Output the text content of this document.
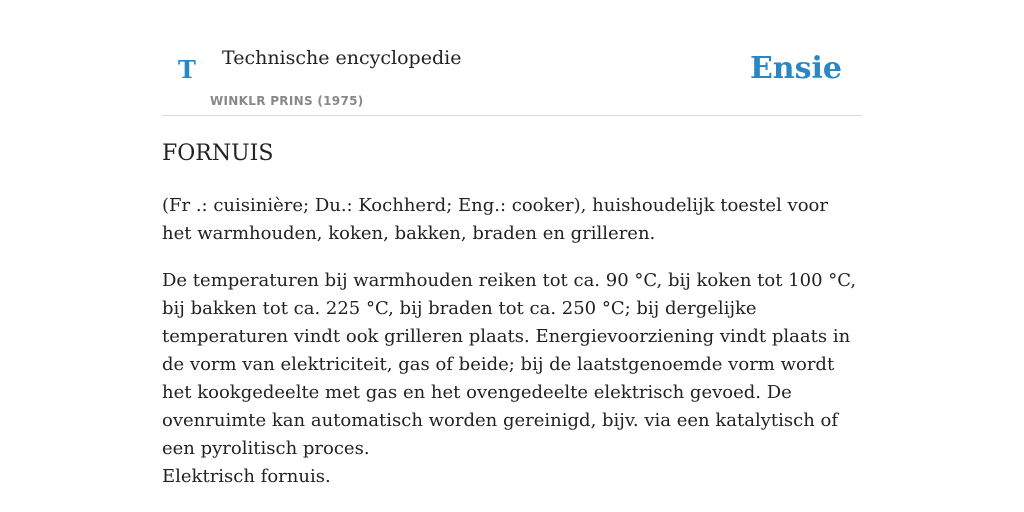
T Technische encyclopedie
WINKLR PRINS (1975)
Ensie
FORNUIS

(Fr .: cuisinière; Du.: Kochherd; Eng.: cooker), huishoudelijk toestel voor het warmhouden, koken, bakken, braden en grilleren.

De temperaturen bij warmhouden reiken tot ca. 90 °C, bij koken tot 100 °C, bij bakken tot ca. 225 °C, bij braden tot ca. 250 °C; bij dergelijke temperaturen vindt ook grilleren plaats. Energievoorziening vindt plaats in de vorm van elektriciteit, gas of beide; bij de laatstgenoemde vorm wordt het kookgedeelte met gas en het ovengedeelte elektrisch gevoed. De ovenruimte kan automatisch worden gereinigd, bijv. via een katalytisch of een pyrolitisch proces.

Elektrisch fornuis.
